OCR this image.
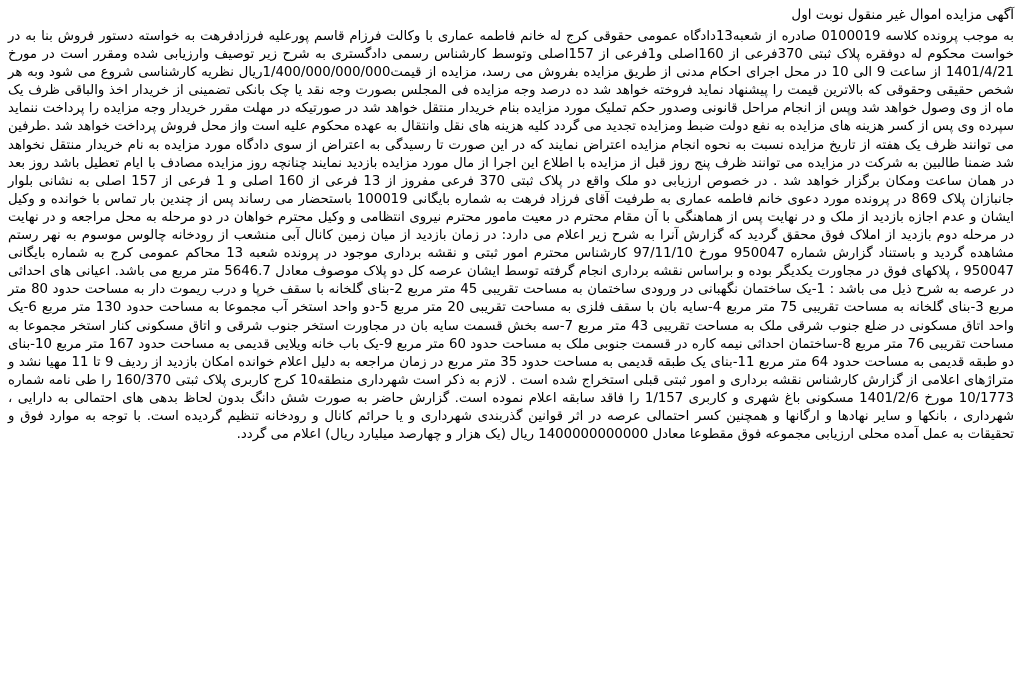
آگهی مزایده اموال غیر منقول نوبت اول

به موجب پرونده کلاسه 0100019 صادره از شعبه13دادگاه عمومی حقوقی کرج له خانم فاطمه عماری با وکالت فرزام قاسم پورعلیه فرزادفرهت به خواسته دستور فروش بنا به در خواست محکوم له دوفقره پلاک ثبتی 370فرعی از 160اصلی و1فرعی از 157اصلی وتوسط کارشناس رسمی دادگستری به شرح زیر توصیف وارزیابی شده ومقرر است در مورخ 1401/4/21 از ساعت 9 الی 10 در محل اجرای احکام مدنی از طریق مزایده بفروش می رسد، مزایده از قیمت1/400/000/000/000ریال نظریه کارشناسی شروع می شود وبه هر شخص حقیقی وحقوقی که بالاترین قیمت را پیشنهاد نماید فروخته خواهد شد ده درصد وجه مزایده فی المجلس بصورت وجه نقد یا چک بانکی تضمینی از خریدار اخذ والباقی ظرف یک ماه از وی وصول خواهد شد وپس از انجام مراحل قانونی وصدور حکم تملیک مورد مزایده بنام خریدار منتقل خواهد شد در صورتیکه در مهلت مقرر خریدار وجه مزایده را پرداخت ننماید سپرده وی پس از کسر هزینه های مزایده به نفع دولت ضبط ومزایده تجدید می گردد کلیه هزینه های نقل وانتقال به عهده محکوم علیه است واز محل فروش پرداخت خواهد شد .طرفین می توانند ظرف یک هفته از تاریخ مزایده نسبت به نحوه انجام مزایده اعتراض نمایند که در این صورت تا رسیدگی به اعتراض از سوی دادگاه مورد مزایده به نام خریدار منتقل نخواهد شد ضمنا طالبین به شرکت در مزایده می توانند ظرف پنج روز قبل از مزایده با اطلاع این اجرا از مال مورد مزایده بازدید نمایند چنانچه روز مزایده مصادف با ایام تعطیل باشد روز بعد در همان ساعت ومکان برگزار خواهد شد . در خصوص ارزیابی دو ملک واقع در پلاک ثبتی 370 فرعی مفروز از 13 فرعی از 160 اصلی و 1 فرعی از 157 اصلی به نشانی بلوار جانبازان پلاک 869 در پرونده مورد دعوی خانم فاطمه عماری به طرفیت آقای فرزاد فرهت به شماره بایگانی 100019 باستحضار می رساند پس از چندین بار تماس با خوانده و وکیل ایشان و عدم اجازه بازدید از ملک و در نهایت پس از هماهنگی با آن مقام محترم در معیت مامور محترم نیروی انتظامی و وکیل محترم خواهان در دو مرحله به محل مراجعه و در نهایت در مرحله دوم بازدید از املاک فوق محقق گردید که گزارش آنرا به شرح زیر اعلام می دارد: در زمان بازدید از میان زمین کانال آبی منشعب از رودخانه چالوس موسوم به نهر رستم مشاهده گردید و باستناد گزارش شماره 950047 مورخ 97/11/10 کارشناس محترم امور ثبتی و نقشه برداری موجود در پرونده شعبه 13 محاکم عمومی کرج به شماره بایگانی 950047 ، پلاکهای فوق در مجاورت یکدیگر بوده و براساس نقشه برداری انجام گرفته توسط ایشان عرصه کل دو پلاک موصوف معادل 5646.7 متر مربع می باشد. اعیانی های احداثی در عرصه به شرح ذیل می باشد : 1-یک ساختمان نگهبانی در ورودی ساختمان به مساحت تقریبی 45 متر مربع 2-بنای گلخانه با سقف خرپا و درب ریموت دار به مساحت حدود 80 متر مربع 3-بنای گلخانه به مساحت تقریبی 75 متر مربع 4-سایه بان با سقف فلزی به مساحت تقریبی 20 متر مربع 5-دو واحد استخر آب مجموعا به مساحت حدود 130 متر مربع 6-یک واحد اتاق مسکونی در ضلع جنوب شرقی ملک به مساحت تقریبی 43 متر مربع 7-سه بخش قسمت سایه بان در مجاورت استخر جنوب شرقی و اتاق مسکونی کنار استخر مجموعا به مساحت تقریبی 76 متر مربع 8-ساختمان احداثی نیمه کاره در قسمت جنوبی ملک به مساحت حدود 60 متر مربع 9-یک باب خانه ویلایی قدیمی به مساحت حدود 167 متر مربع 10-بنای دو طبقه قدیمی به مساحت حدود 64 متر مربع 11-بنای یک طبقه قدیمی به مساحت حدود 35 متر مربع در زمان مراجعه به دلیل اعلام خوانده امکان بازدید از ردیف 9 تا 11 مهیا نشد و متراژهای اعلامی از گزارش کارشناس نقشه برداری و امور ثبتی قبلی استخراج شده است . لازم به ذکر است شهرداری منطقه10 کرج کاربری پلاک ثبتی 160/370 را طی نامه شماره 10/1773 مورخ 1401/2/6 مسکونی باغ شهری و کاربری 1/157 را فاقد سابقه اعلام نموده است. گزارش حاضر به صورت شش دانگ بدون لحاظ بدهی های احتمالی به دارایی ، شهرداری ، بانکها و سایر نهادها و ارگانها و همچنین کسر احتمالی عرصه در اثر قوانین گذربندی شهرداری و یا حرائم کانال و رودخانه تنظیم گردیده است. با توجه به موارد فوق و تحقیقات به عمل آمده محلی ارزیابی مجموعه فوق مقطوعا معادل 1400000000000 ریال (یک هزار و چهارصد میلیارد ریال) اعلام می گردد.
